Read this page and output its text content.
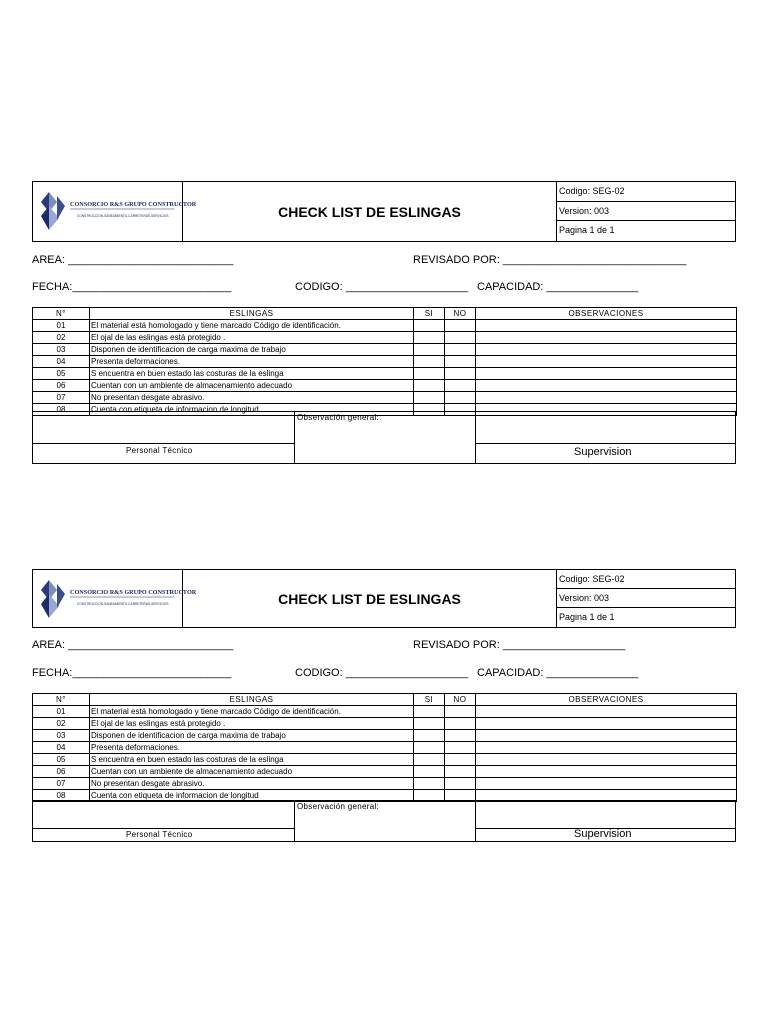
CONSORCIO R&S GRUPO CONSTRUCTOR
CONSTRUCCION-SANEAMIENTO-CARRETERAS-SERVICIOS	CHECK LIST DE ESLINGAS
Codigo: SEG-02
Version: 003
Pagina 1 de 1
AREA: ___________________________	REVISADO POR: ______________________________
FECHA:__________________________	CODIGO: ____________________ CAPACIDAD: _______________
N°	ESLINGAS	SI	NO	OBSERVACIONES
01	El material está homologado y tiene marcado Código de identificación.			
02	El ojal de las eslingas está protegido .			
03	Disponen de identificacion de carga maxima de trabajo			
04	Presenta deformaciones.			
05	S encuentra en buen estado las costuras de la eslinga			
06	Cuentan con un ambiente de almacenamiento adecuado			
07	No presentan desgate abrasivo.			
08	Cuenta con etiqueta de informacion de longitud			
Personal Técnico
Observación general:
Supervision
CONSORCIO R&S GRUPO CONSTRUCTOR
CONSTRUCCION-SANEAMIENTO-CARRETERAS-SERVICIOS	CHECK LIST DE ESLINGAS
Codigo: SEG-02
Version: 003
Pagina 1 de 1
AREA: ___________________________	REVISADO POR: ____________________
FECHA:__________________________	CODIGO: ____________________ CAPACIDAD: _______________
N°	ESLINGAS	SI	NO	OBSERVACIONES
01	El material está homologado y tiene marcado Código de identificación.			
02	El ojal de las eslingas está protegido .			
03	Disponen de identificacion de carga maxima de trabajo			
04	Presenta deformaciones.			
05	S encuentra en buen estado las costuras de la eslinga			
06	Cuentan con un ambiente de almacenamiento adecuado			
07	No presentan desgate abrasivo.			
08	Cuenta con etiqueta de informacion de longitud			
Personal Técnico
Observación general:
Supervision
